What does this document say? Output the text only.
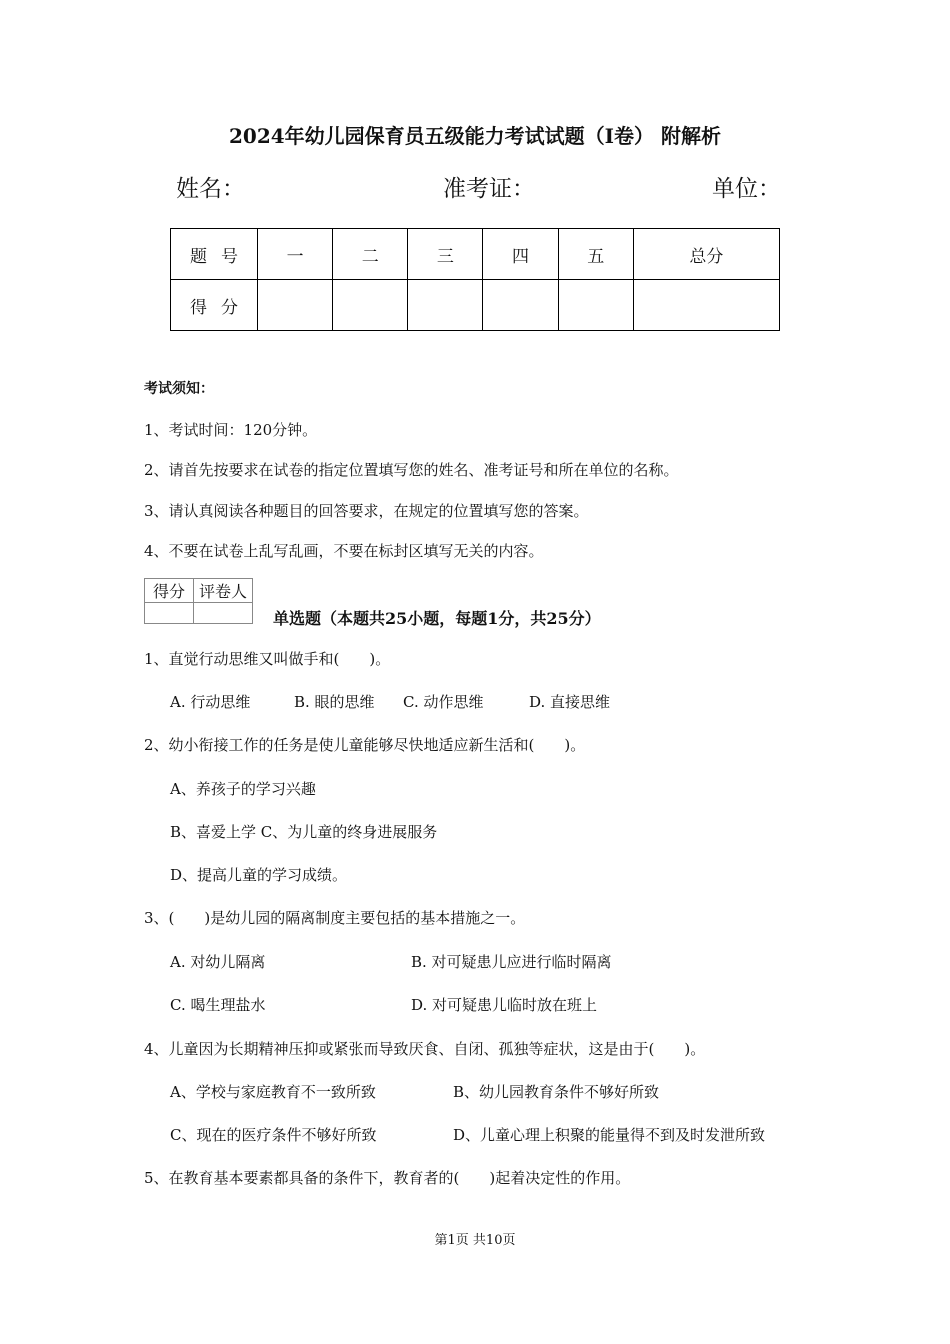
2024年幼儿园保育员五级能力考试试题（I卷） 附解析
姓名：	准考证：	单位：
题号	一	二	三	四	五	总分
得分						
考试须知：
1、考试时间：120分钟。
2、请首先按要求在试卷的指定位置填写您的姓名、准考证号和所在单位的名称。
3、请认真阅读各种题目的回答要求，在规定的位置填写您的答案。
4、不要在试卷上乱写乱画，不要在标封区填写无关的内容。
得分	评卷人

单选题（本题共25小题，每题1分，共25分）
1、直觉行动思维又叫做手和(　　)。
A. 行动思维	B. 眼的思维 C. 动作思维	D. 直接思维
2、幼小衔接工作的任务是使儿童能够尽快地适应新生活和(　　)。
A、养孩子的学习兴趣
B、喜爱上学 C、为儿童的终身进展服务
D、提高儿童的学习成绩。
3、(　　)是幼儿园的隔离制度主要包括的基本措施之一。
A. 对幼儿隔离	B. 对可疑患儿应进行临时隔离
C. 喝生理盐水	D. 对可疑患儿临时放在班上
4、儿童因为长期精神压抑或紧张而导致厌食、自闭、孤独等症状，这是由于(　　)。
A、学校与家庭教育不一致所致	B、幼儿园教育条件不够好所致
C、现在的医疗条件不够好所致	D、儿童心理上积聚的能量得不到及时发泄所致
5、在教育基本要素都具备的条件下，教育者的(　　)起着决定性的作用。
第1页 共10页
